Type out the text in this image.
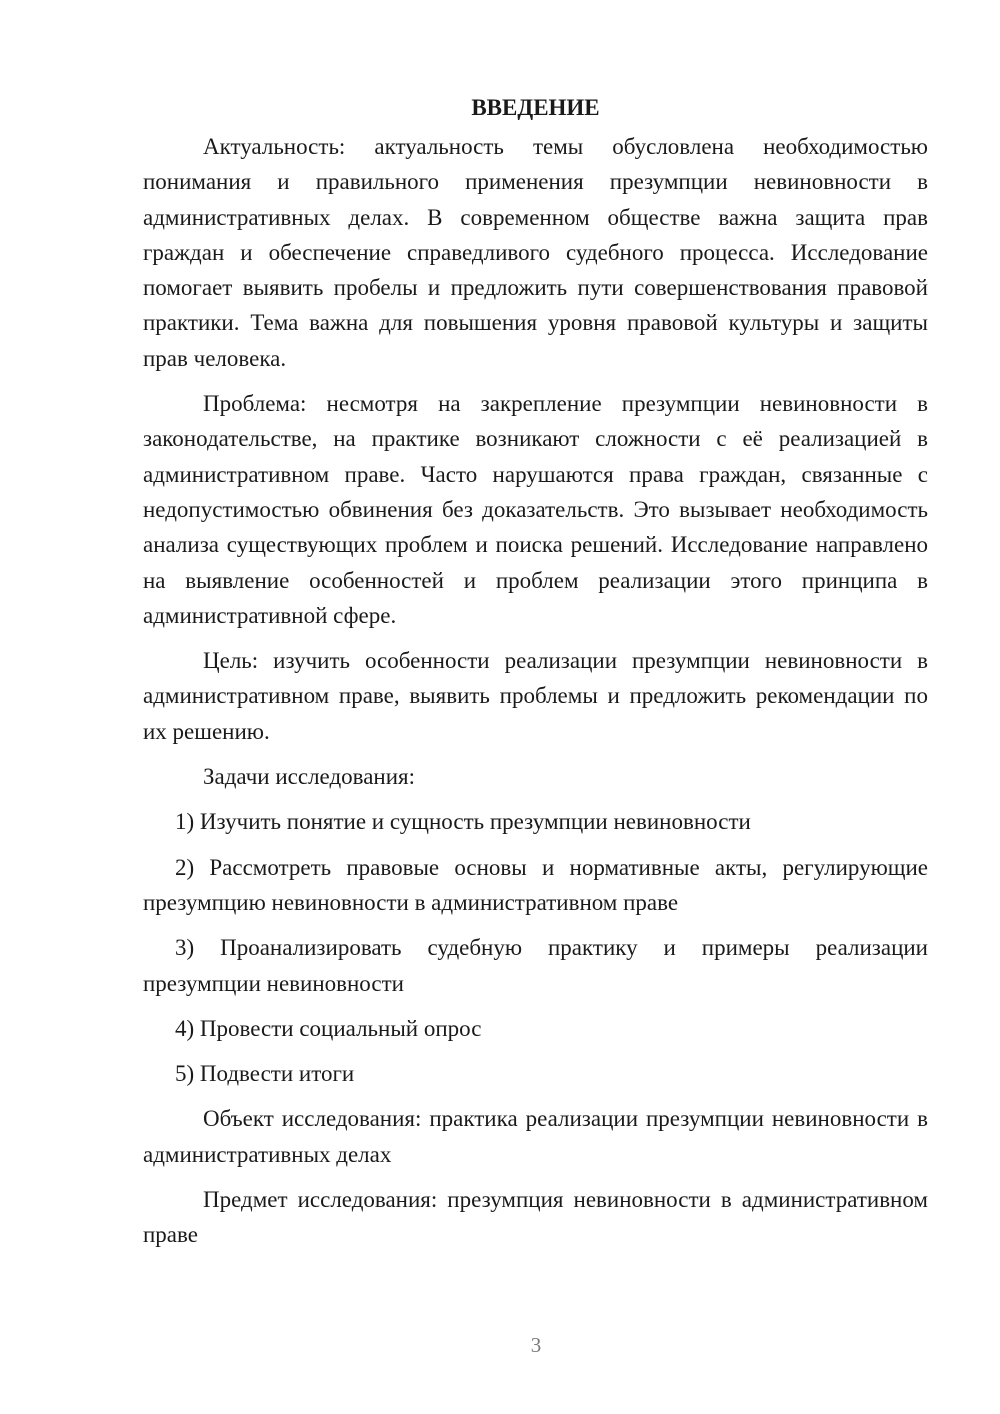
ВВЕДЕНИЕ

Актуальность: актуальность темы обусловлена необходимостью понимания и правильного применения презумпции невиновности в административных делах. В современном обществе важна защита прав граждан и обеспечение справедливого судебного процесса. Исследование помогает выявить пробелы и предложить пути совершенствования правовой практики. Тема важна для повышения уровня правовой культуры и защиты прав человека.

Проблема: несмотря на закрепление презумпции невиновности в законодательстве, на практике возникают сложности с её реализацией в административном праве. Часто нарушаются права граждан, связанные с недопустимостью обвинения без доказательств. Это вызывает необходимость анализа существующих проблем и поиска решений. Исследование направлено на выявление особенностей и проблем реализации этого принципа в административной сфере.

Цель: изучить особенности реализации презумпции невиновности в административном праве, выявить проблемы и предложить рекомендации по их решению.

Задачи исследования:

1) Изучить понятие и сущность презумпции невиновности

2) Рассмотреть правовые основы и нормативные акты, регулирующие презумпцию невиновности в административном праве

3) Проанализировать судебную практику и примеры реализации презумпции невиновности

4) Провести социальный опрос

5) Подвести итоги

Объект исследования: практика реализации презумпции невиновности в административных делах

Предмет исследования: презумпция невиновности в административном праве

3
